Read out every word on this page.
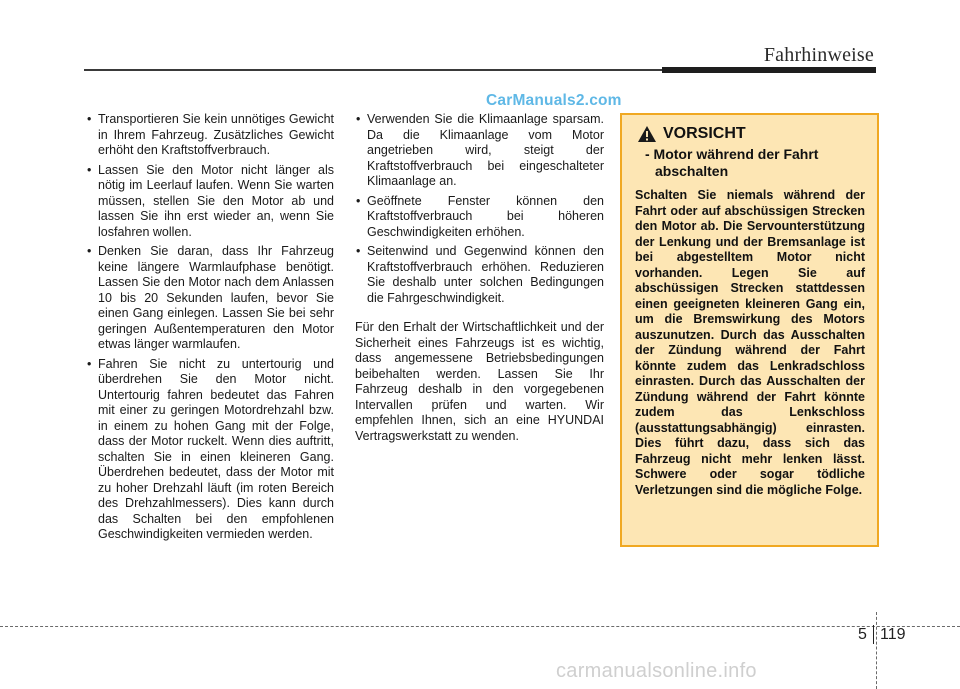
Fahrhinweise
CarManuals2.com
• Transportieren Sie kein unnötiges Gewicht in Ihrem Fahrzeug. Zusätzliches Gewicht erhöht den Kraftstoffverbrauch.
• Lassen Sie den Motor nicht länger als nötig im Leerlauf laufen. Wenn Sie warten müssen, stellen Sie den Motor ab und lassen Sie ihn erst wieder an, wenn Sie losfahren wollen.
• Denken Sie daran, dass Ihr Fahrzeug keine längere Warmlaufphase benötigt. Lassen Sie den Motor nach dem Anlassen 10 bis 20 Sekunden laufen, bevor Sie einen Gang einlegen. Lassen Sie bei sehr geringen Außentemperaturen den Motor etwas länger warmlaufen.
• Fahren Sie nicht zu untertourig und überdrehen Sie den Motor nicht. Untertourig fahren bedeutet das Fahren mit einer zu geringen Motordrehzahl bzw. in einem zu hohen Gang mit der Folge, dass der Motor ruckelt. Wenn dies auftritt, schalten Sie in einen kleineren Gang. Überdrehen bedeutet, dass der Motor mit zu hoher Drehzahl läuft (im roten Bereich des Drehzahlmessers). Dies kann durch das Schalten bei den empfohlenen Geschwindigkeiten vermieden werden.
• Verwenden Sie die Klimaanlage sparsam. Da die Klimaanlage vom Motor angetrieben wird, steigt der Kraftstoffverbrauch bei eingeschalteter Klimaanlage an.
• Geöffnete Fenster können den Kraftstoffverbrauch bei höheren Geschwindigkeiten erhöhen.
• Seitenwind und Gegenwind können den Kraftstoffverbrauch erhöhen. Reduzieren Sie deshalb unter solchen Bedingungen die Fahrgeschwindigkeit.

Für den Erhalt der Wirtschaftlichkeit und der Sicherheit eines Fahrzeugs ist es wichtig, dass angemessene Betriebsbedingungen beibehalten werden. Lassen Sie Ihr Fahrzeug deshalb in den vorgegebenen Intervallen prüfen und warten. Wir empfehlen Ihnen, sich an eine HYUNDAI Vertragswerkstatt zu wenden.

VORSICHT
- Motor während der Fahrt abschalten
Schalten Sie niemals während der Fahrt oder auf abschüssigen Strecken den Motor ab. Die Servounterstützung der Lenkung und der Bremsanlage ist bei abgestelltem Motor nicht vorhanden. Legen Sie auf abschüssigen Strecken stattdessen einen geeigneten kleineren Gang ein, um die Bremswirkung des Motors auszunutzen. Durch das Ausschalten der Zündung während der Fahrt könnte zudem das Lenkradschloss einrasten. Durch das Ausschalten der Zündung während der Fahrt könnte zudem das Lenkschloss (ausstattungsabhängig) einrasten. Dies führt dazu, dass sich das Fahrzeug nicht mehr lenken lässt. Schwere oder sogar tödliche Verletzungen sind die mögliche Folge.
5 119
carmanualsonline.info
